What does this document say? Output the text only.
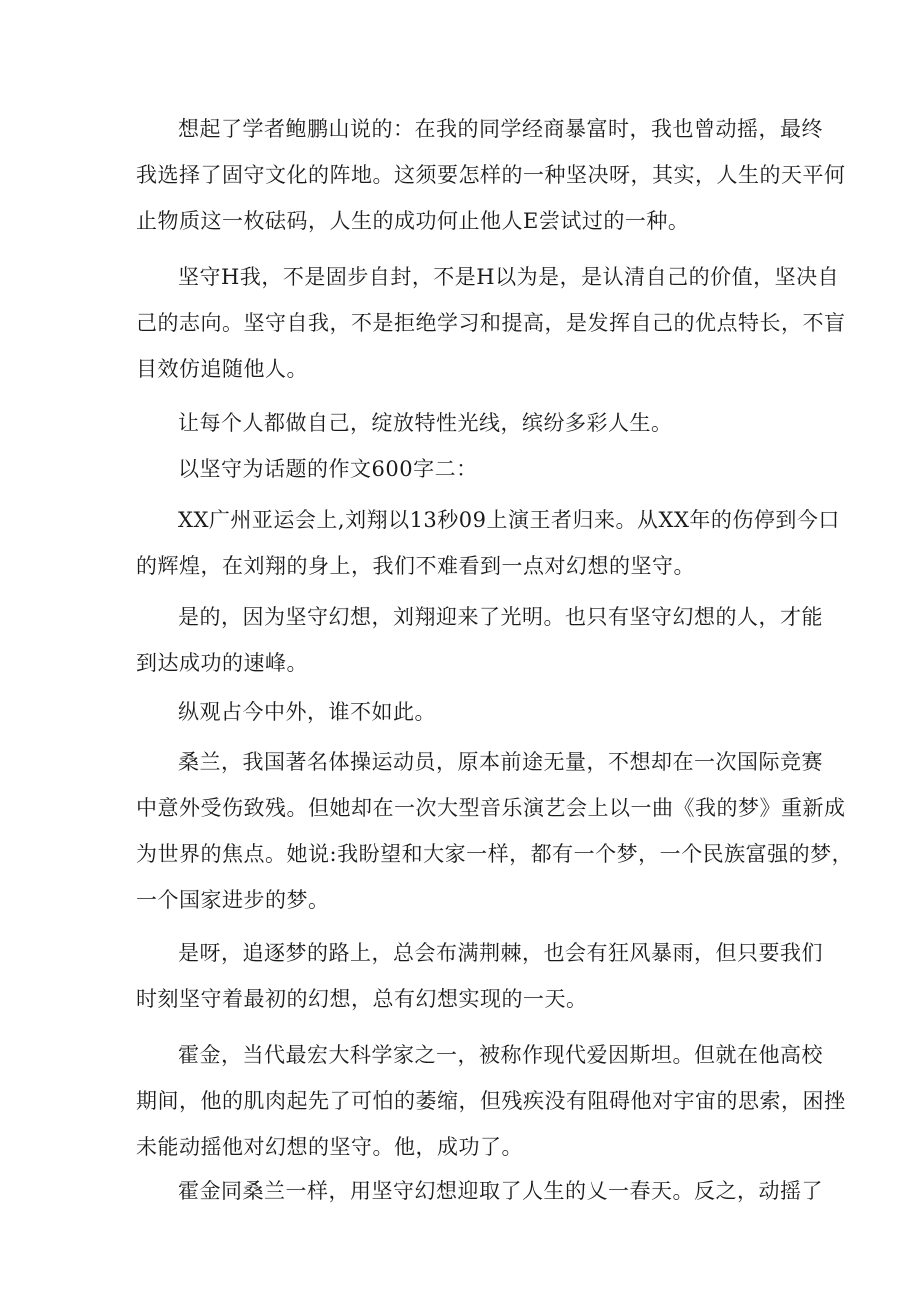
想起了学者鲍鹏山说的：在我的同学经商暴富时，我也曾动摇，最终
我选择了固守文化的阵地。这须要怎样的一种坚决呀，其实，人生的天平何
止物质这一枚砝码，人生的成功何止他人E尝试过的一种。
坚守H我，不是固步自封，不是H以为是，是认清自己的价值，坚决自
己的志向。坚守自我，不是拒绝学习和提高，是发挥自己的优点特长，不盲
目效仿追随他人。
让每个人都做自己，绽放特性光线，缤纷多彩人生。
以坚守为话题的作文600字二：
XX广州亚运会上,刘翔以13秒09上演王者归来。从XX年的伤停到今口
的辉煌，在刘翔的身上，我们不难看到一点对幻想的坚守。
是的，因为坚守幻想，刘翔迎来了光明。也只有坚守幻想的人，才能
到达成功的速峰。
纵观占今中外，谁不如此。
桑兰，我国著名体操运动员，原本前途无量，不想却在一次国际竞赛
中意外受伤致残。但她却在一次大型音乐演艺会上以一曲《我的梦》重新成
为世界的焦点。她说:我盼望和大家一样，都有一个梦，一个民族富强的梦，
一个国家进步的梦。
是呀，追逐梦的路上，总会布满荆棘，也会有狂风暴雨，但只要我们
时刻坚守着最初的幻想，总有幻想实现的一天。
霍金，当代最宏大科学家之一，被称作现代爱因斯坦。但就在他高校
期间，他的肌肉起先了可怕的萎缩，但残疾没有阻碍他对宇宙的思索，困挫
未能动摇他对幻想的坚守。他，成功了。
霍金同桑兰一样，用坚守幻想迎取了人生的乂一春天。反之，动摇了
